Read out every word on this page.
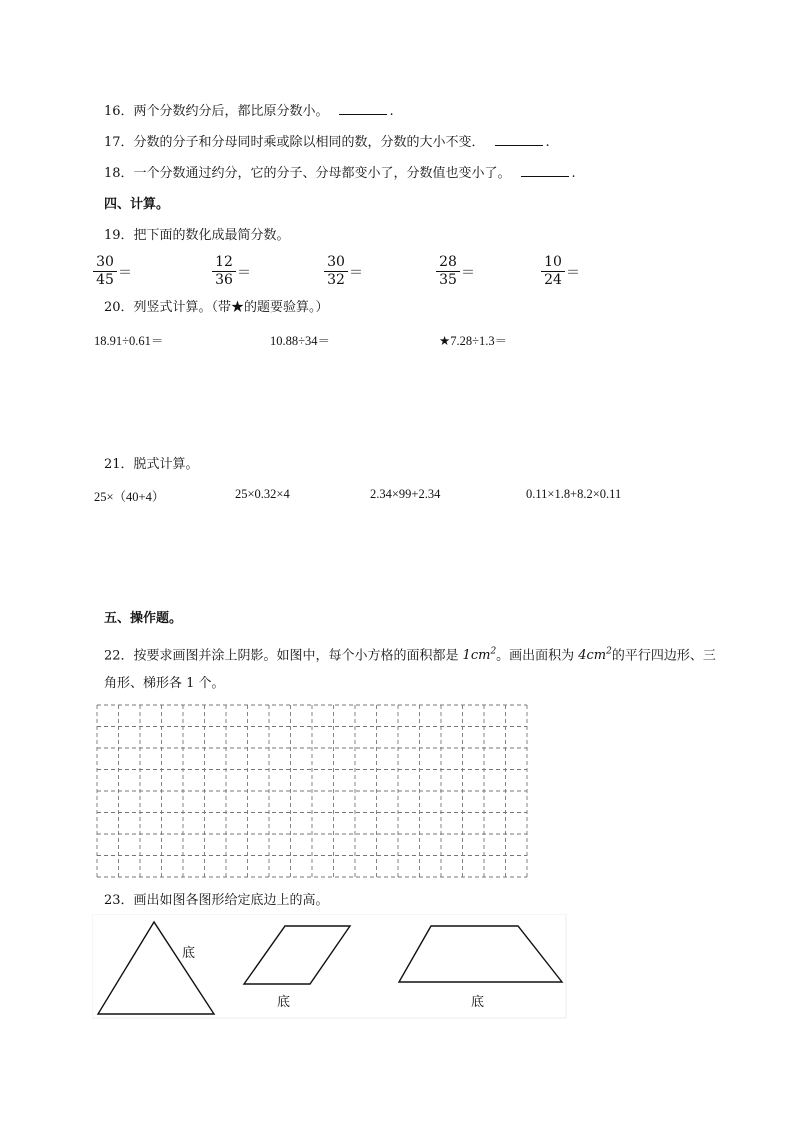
16．两个分数约分后，都比原分数小。	.
17．分数的分子和分母同时乘或除以相同的数，分数的大小不变．	.
18．一个分数通过约分，它的分子、分母都变小了，分数值也变小了。	.
四、计算。
19．把下面的数化成最简分数。
30
45 ＝
12
36 ＝
30
32 ＝
28
35 ＝
10
24 ＝
20．列竖式计算。（带★的题要验算。）
18.91÷0.61＝	10.88÷34＝	★7.28÷1.3＝
21．脱式计算。
25×（40+4）	25×0.32×4	2.34×99+2.34	0.11×1.8+8.2×0.11
五、操作题。
22．按要求画图并涂上阴影。如图中，每个小方格的面积都是 $1cm^2$。画出面积为 $4cm^2$的平行四边形、三
角形、梯形各 1 个。
23．画出如图各图形给定底边上的高。
底
底	底
